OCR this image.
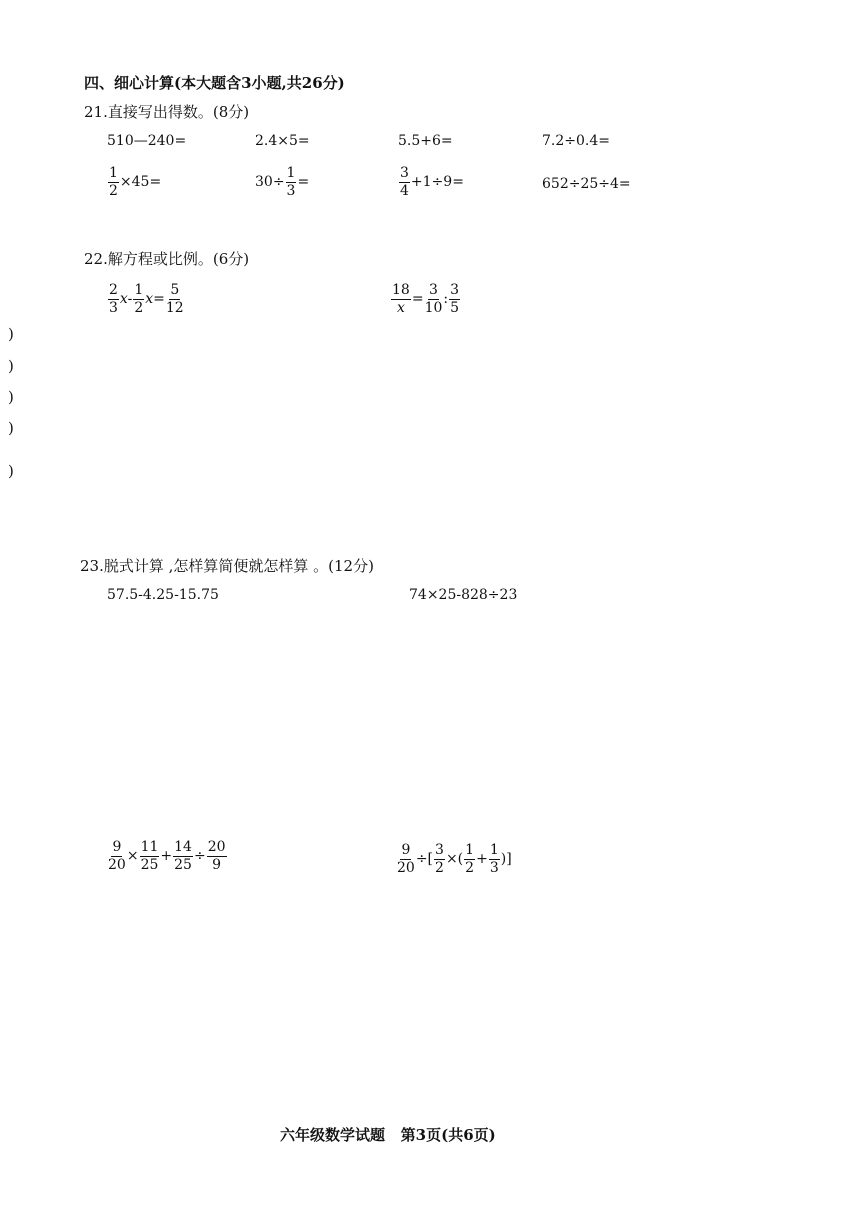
四、细心计算(本大题含3小题,共26分)
21.直接写出得数。(8分)
510—240=	2.4×5=	5.5+6=	7.2÷0.4=
$\frac{1}{2} \times 45=$	$30\div \frac{1}{3}$ =	$\frac{3}{4} +1\div 9=$	652÷25÷4=
22.解方程或比例。(6分)
$\frac{2}{3} x- \frac{1}{2} x= \frac{5}{12}$	$\frac{18}{x} = \frac{3}{10}$ : $\frac{3}{5}$
)
)
)
)
)
23.脱式计算 ,怎样算简便就怎样算 。(12分)
57.5-4.25-15.75	74×25-828÷23
$\frac{9}{20} \times \frac{11}{25} + \frac{14}{25} \div \frac{20}{9}$	$\frac{9}{20}$ ÷[ $\frac{3}{2}$ ×( $\frac{1}{2} + \frac{1}{3}$ )]
六年级数学试题   第3页(共6页)
